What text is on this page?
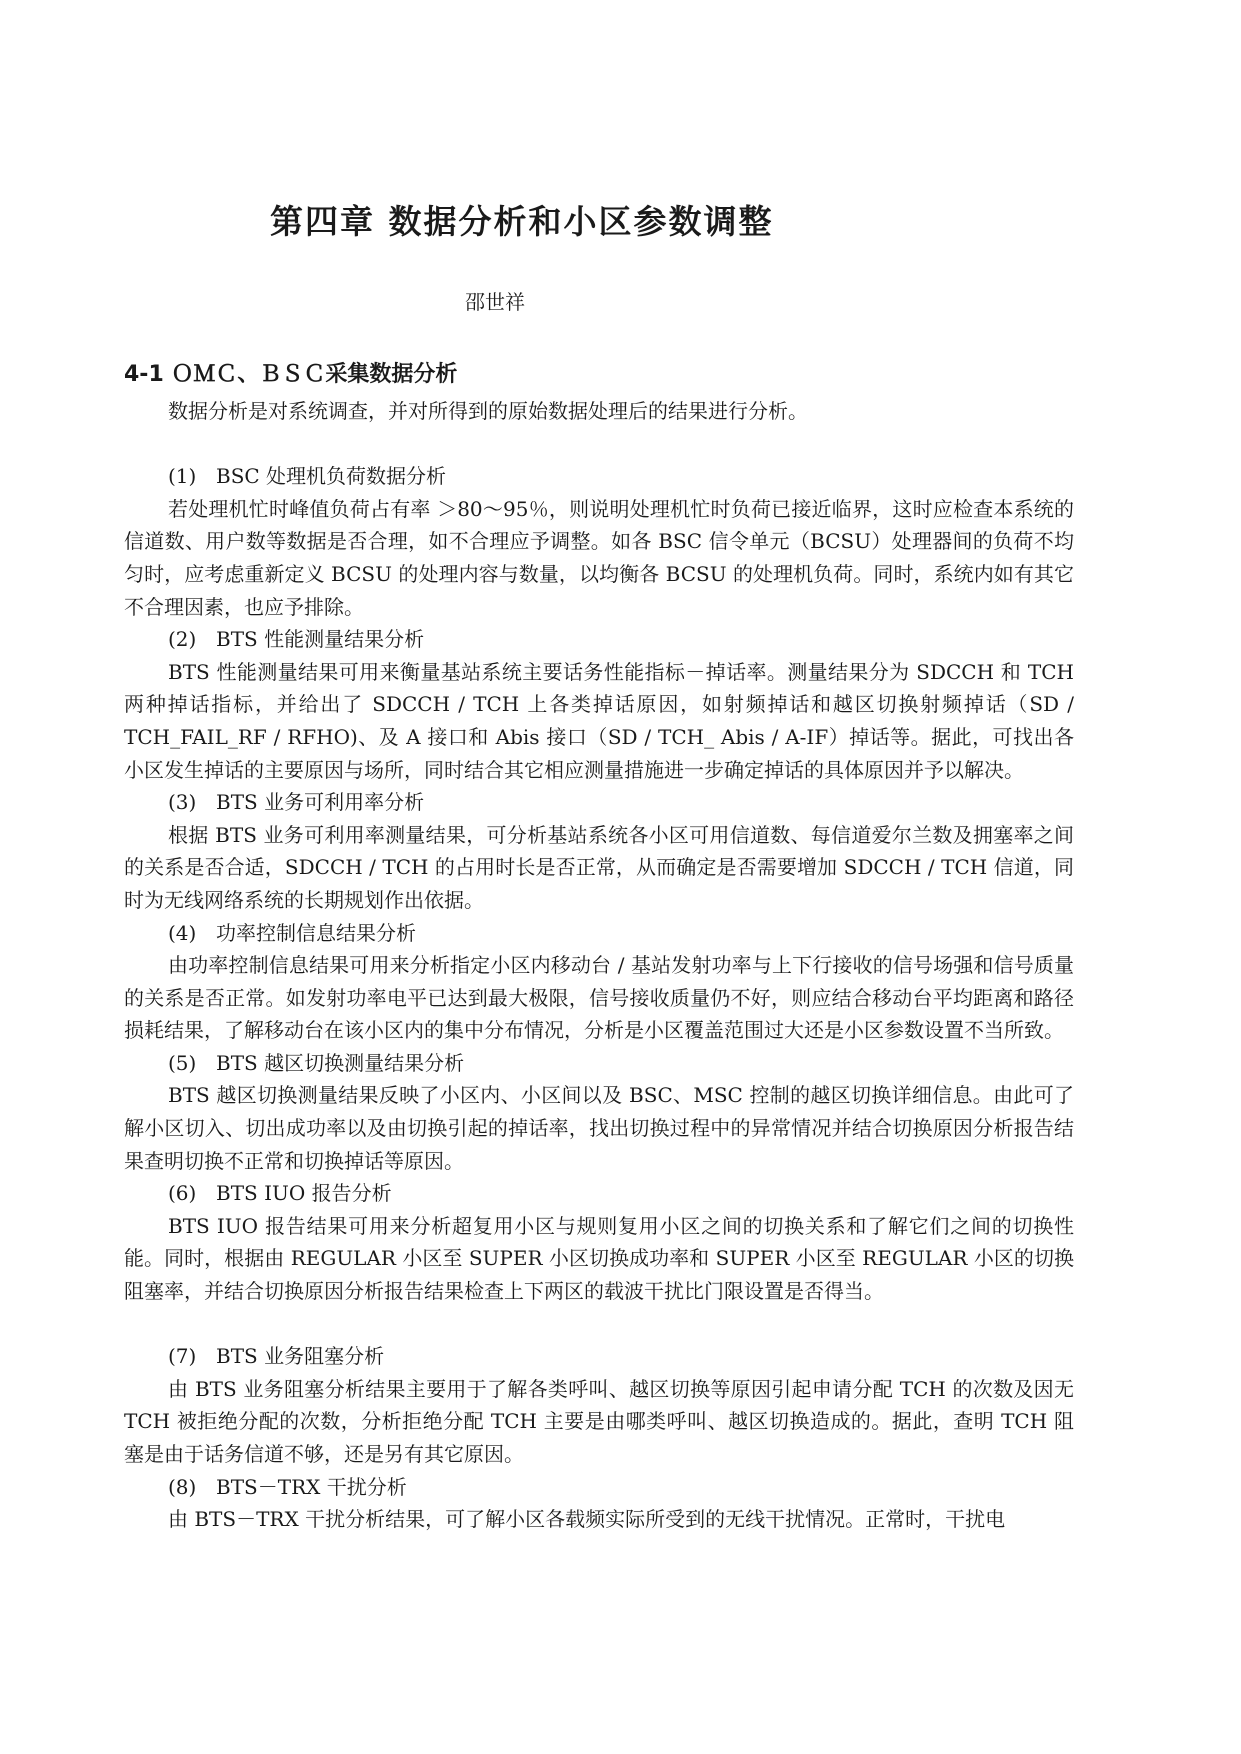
第四章 数据分析和小区参数调整
邵世祥
4-1 ＯＭＣ、ＢＳＣ采集数据分析

数据分析是对系统调查，并对所得到的原始数据处理后的结果进行分析。

(1) BSC 处理机负荷数据分析

若处理机忙时峰值负荷占有率 ＞80～95％，则说明处理机忙时负荷已接近临界，这时应检查本系统的信道数、用户数等数据是否合理，如不合理应予调整。如各 BSC 信令单元（BCSU）处理器间的负荷不均匀时，应考虑重新定义 BCSU 的处理内容与数量，以均衡各 BCSU 的处理机负荷。同时，系统内如有其它不合理因素，也应予排除。

(2) BTS 性能测量结果分析

BTS 性能测量结果可用来衡量基站系统主要话务性能指标－掉话率。测量结果分为 SDCCH 和 TCH 两种掉话指标，并给出了 SDCCH / TCH 上各类掉话原因，如射频掉话和越区切换射频掉话（SD / TCH_FAIL_RF / RFHO)、及 A 接口和 Abis 接口（SD / TCH_ Abis / A-IF）掉话等。据此，可找出各小区发生掉话的主要原因与场所，同时结合其它相应测量措施进一步确定掉话的具体原因并予以解决。

(3) BTS 业务可利用率分析

根据 BTS 业务可利用率测量结果，可分析基站系统各小区可用信道数、每信道爱尔兰数及拥塞率之间的关系是否合适，SDCCH / TCH 的占用时长是否正常，从而确定是否需要增加 SDCCH / TCH 信道，同时为无线网络系统的长期规划作出依据。

(4) 功率控制信息结果分析

由功率控制信息结果可用来分析指定小区内移动台 / 基站发射功率与上下行接收的信号场强和信号质量的关系是否正常。如发射功率电平已达到最大极限，信号接收质量仍不好，则应结合移动台平均距离和路径损耗结果，了解移动台在该小区内的集中分布情况，分析是小区覆盖范围过大还是小区参数设置不当所致。

(5) BTS 越区切换测量结果分析

BTS 越区切换测量结果反映了小区内、小区间以及 BSC、MSC 控制的越区切换详细信息。由此可了解小区切入、切出成功率以及由切换引起的掉话率，找出切换过程中的异常情况并结合切换原因分析报告结果查明切换不正常和切换掉话等原因。

(6) BTS IUO 报告分析

BTS IUO 报告结果可用来分析超复用小区与规则复用小区之间的切换关系和了解它们之间的切换性能。同时，根据由 REGULAR 小区至 SUPER 小区切换成功率和 SUPER 小区至 REGULAR 小区的切换阻塞率，并结合切换原因分析报告结果检查上下两区的载波干扰比门限设置是否得当。

(7) BTS 业务阻塞分析

由 BTS 业务阻塞分析结果主要用于了解各类呼叫、越区切换等原因引起申请分配 TCH 的次数及因无 TCH 被拒绝分配的次数，分析拒绝分配 TCH 主要是由哪类呼叫、越区切换造成的。据此，查明 TCH 阻塞是由于话务信道不够，还是另有其它原因。

(8) BTS－TRX 干扰分析

由 BTS－TRX 干扰分析结果，可了解小区各载频实际所受到的无线干扰情况。正常时，干扰电
